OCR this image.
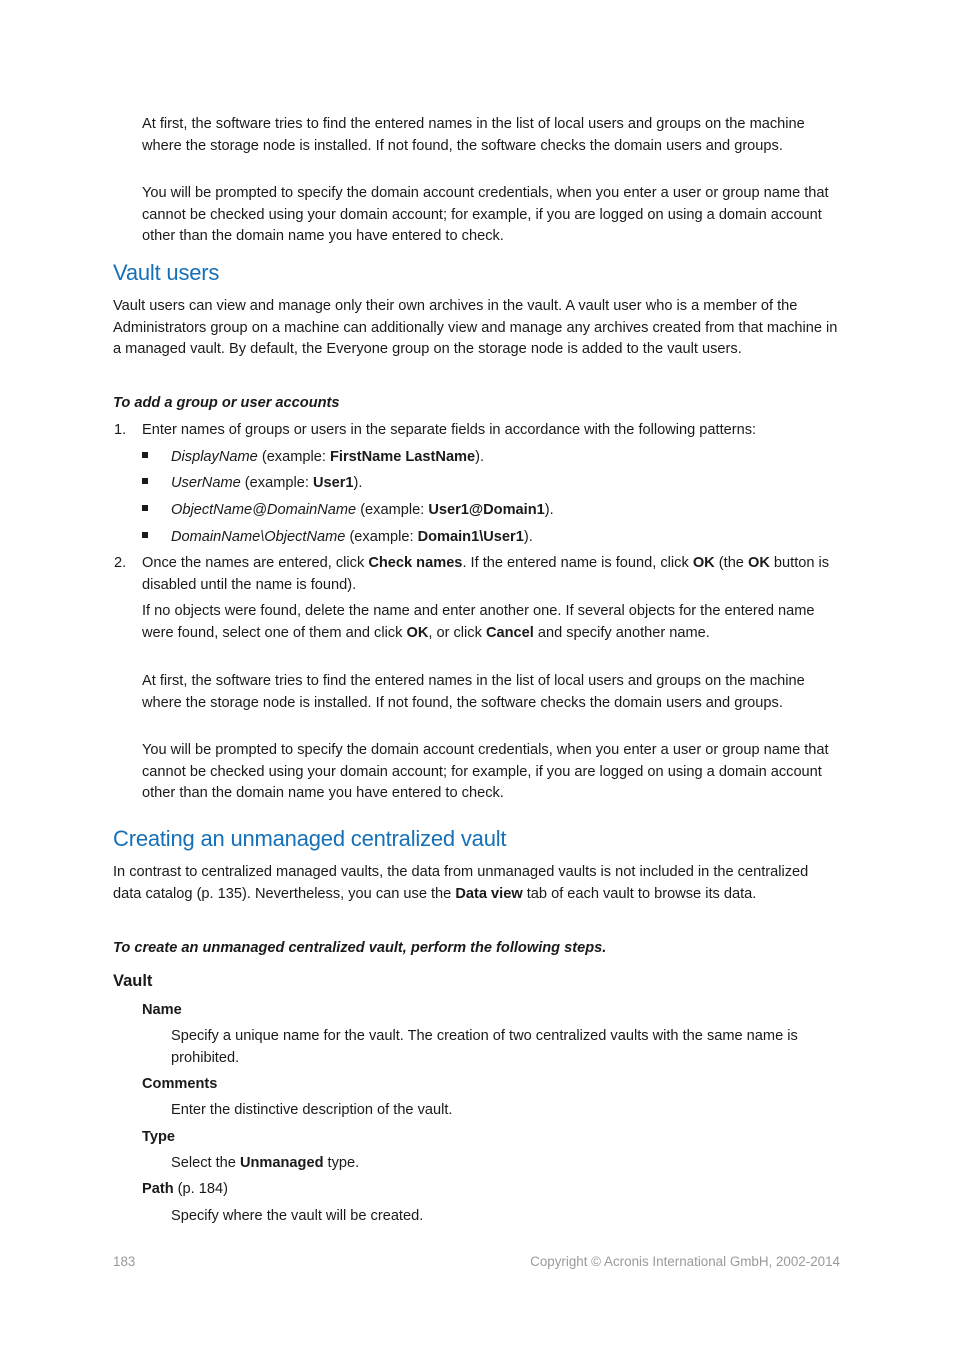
At first, the software tries to find the entered names in the list of local users and groups on the machine where the storage node is installed. If not found, the software checks the domain users and groups.

You will be prompted to specify the domain account credentials, when you enter a user or group name that cannot be checked using your domain account; for example, if you are logged on using a domain account other than the domain name you have entered to check.

Vault users

Vault users can view and manage only their own archives in the vault. A vault user who is a member of the Administrators group on a machine can additionally view and manage any archives created from that machine in a managed vault. By default, the Everyone group on the storage node is added to the vault users.

To add a group or user accounts
1. Enter names of groups or users in the separate fields in accordance with the following patterns:

DisplayName (example: FirstName LastName).

UserName (example: User1).

ObjectName@DomainName (example: User1@Domain1).

DomainName\ObjectName (example: Domain1\User1).

2. Once the names are entered, click Check names. If the entered name is found, click OK (the OK button is disabled until the name is found).

If no objects were found, delete the name and enter another one. If several objects for the entered name were found, select one of them and click OK, or click Cancel and specify another name.

At first, the software tries to find the entered names in the list of local users and groups on the machine where the storage node is installed. If not found, the software checks the domain users and groups.

You will be prompted to specify the domain account credentials, when you enter a user or group name that cannot be checked using your domain account; for example, if you are logged on using a domain account other than the domain name you have entered to check.

Creating an unmanaged centralized vault

In contrast to centralized managed vaults, the data from unmanaged vaults is not included in the centralized data catalog (p. 135). Nevertheless, you can use the Data view tab of each vault to browse its data.

To create an unmanaged centralized vault, perform the following steps.
Vault
Name

Specify a unique name for the vault. The creation of two centralized vaults with the same name is prohibited.

Comments

Enter the distinctive description of the vault.

Type

Select the Unmanaged type.

Path (p. 184)

Specify where the vault will be created.

183	Copyright © Acronis International GmbH, 2002-2014
